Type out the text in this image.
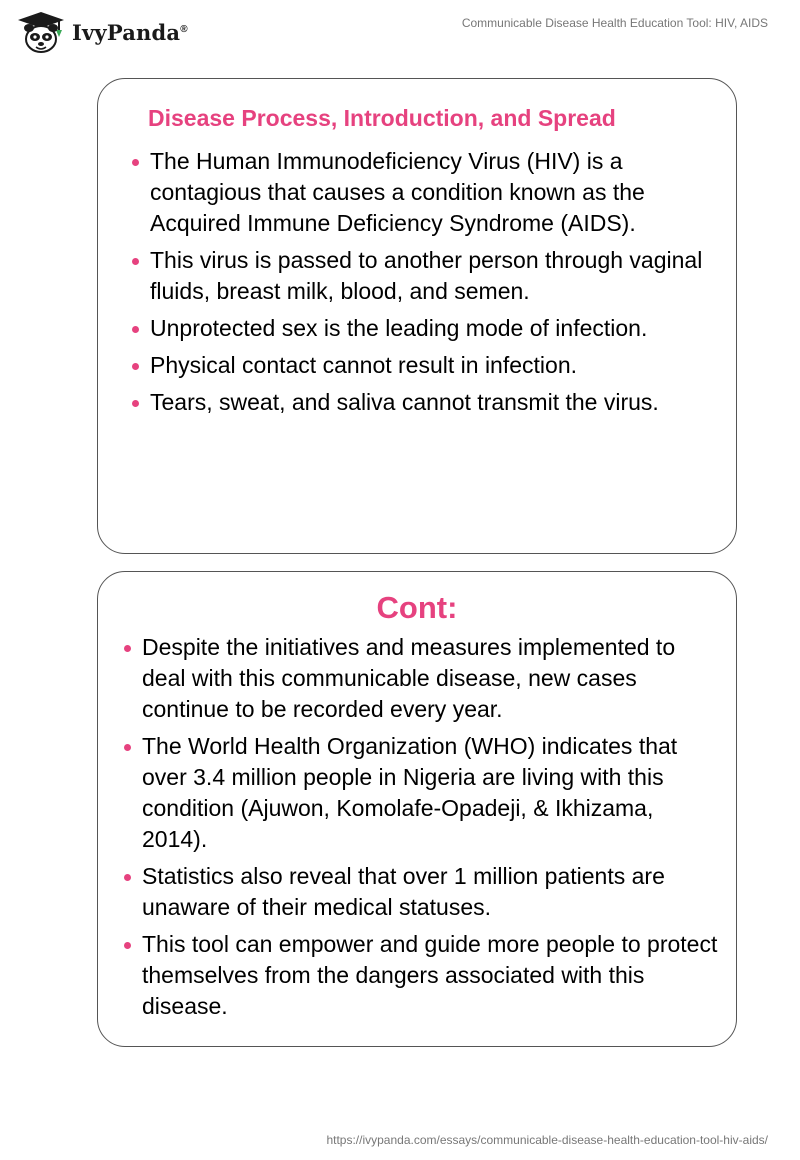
IvyPanda®	Communicable Disease Health Education Tool: HIV, AIDS
Disease Process, Introduction, and Spread
The Human Immunodeficiency Virus (HIV) is a contagious that causes a condition known as the Acquired Immune Deficiency Syndrome (AIDS).
This virus is passed to another person through vaginal fluids, breast milk, blood, and semen.
Unprotected sex is the leading mode of infection.
Physical contact cannot result in infection.
Tears, sweat, and saliva cannot transmit the virus.
Cont:
Despite the initiatives and measures implemented to deal with this communicable disease, new cases continue to be recorded every year.
The World Health Organization (WHO) indicates that over 3.4 million people in Nigeria are living with this condition (Ajuwon, Komolafe-Opadeji, & Ikhizama, 2014).
Statistics also reveal that over 1 million patients are unaware of their medical statuses.
This tool can empower and guide more people to protect themselves from the dangers associated with this disease.
https://ivypanda.com/essays/communicable-disease-health-education-tool-hiv-aids/
